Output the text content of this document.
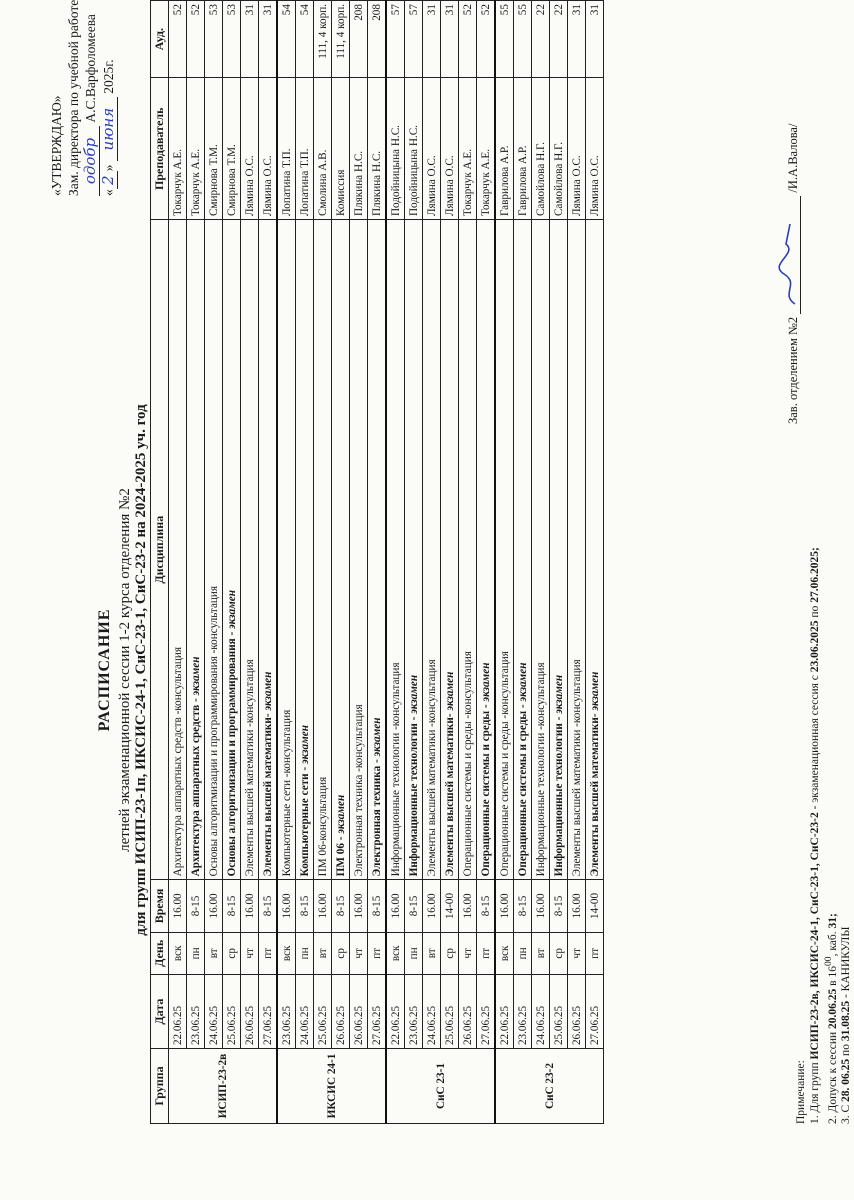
«УТВЕРЖДАЮ» Зам. директора по учебной работе одобр А.С.Варфоломеева
«2» июня 2025г.
РАСПИСАНИЕ летней экзаменационной сессии 1-2 курса отделения №2 для групп ИСИП-23-1п, ИКСИС-24-1, СиС-23-1, СиС-23-2 на 2024-2025 уч. год
Группа	Дата	День	Время	Дисциплина	Преподаватель	Ауд.
ИСИП-23-2в	22.06.25	вск	16.00	Архитектура аппаратных средств -консультация	Токарчук А.Е.	52
	23.06.25	пн	8-15	Архитектура аппаратных средств - экзамен	Токарчук А.Е.	52
	24.06.25	вт	16.00	Основы алгоритмизации и программирования -консультация	Смирнова Т.М.	53
	25.06.25	ср	8-15	Основы алгоритмизации и программирования - экзамен	Смирнова Т.М.	53
	26.06.25	чт	16.00	Элементы высшей математики -консультация	Лямина О.С.	31
	27.06.25	пт	8-15	Элементы высшей математики- экзамен	Лямина О.С.	31
ИКСИС 24-1	23.06.25	вск	16.00	Компьютерные сети -консультация	Лопатина Т.П.	54
	24.06.25	пн	8-15	Компьютерные сети - экзамен	Лопатина Т.П.	54
	25.06.25	вт	16.00	ПМ 06-консультация	Смолина А.В.	111, 4 корп.
	26.06.25	ср	8-15	ПМ 06 - экзамен	Комиссия	111, 4 корп.
	26.06.25	чт	16.00	Электронная техника -консультация	Плякина Н.С.	208
	27.06.25	пт	8-15	Электронная техника - экзамен	Плякина Н.С.	208
СиС 23-1	22.06.25	вск	16.00	Информационные технологии -консультация	Подойницына Н.С.	57
	23.06.25	пн	8-15	Информационные технологии - экзамен	Подойницына Н.С.	57
	24.06.25	вт	16.00	Элементы высшей математики -консультация	Лямина О.С.	31
	25.06.25	ср	14-00	Элементы высшей математики- экзамен	Лямина О.С.	31
	26.06.25	чт	16.00	Операционные системы и среды -консультация	Токарчук А.Е.	52
	27.06.25	пт	8-15	Операционные системы и среды - экзамен	Токарчук А.Е.	52
СиС 23-2	22.06.25	вск	16.00	Операционные системы и среды -консультация	Гаврилова А.Р.	55
	23.06.25	пн	8-15	Операционные системы и среды - экзамен	Гаврилова А.Р.	55
	24.06.25	вт	16.00	Информационные технологии -консультация	Самойлова Н.Г.	22
	25.06.25	ср	8-15	Информационные технологии - экзамен	Самойлова Н.Г.	22
	26.06.25	чт	16.00	Элементы высшей математики -консультация	Лямина О.С.	31
	27.06.25	пт	14-00	Элементы высшей математики- экзамен	Лямина О.С.	31
Примечание: 1. Для групп ИСИП-23-2в, ИКСИС-24-1, СиС-23-1, СиС-23-2 - экзаменационная сессия с 23.06.2025 по 27.06.2025;
2. Допуск к сессии 20.06.25 в $16^{00}$, каб. 31;
3. С 28. 06.25 по 31.08.25 - КАНИКУЛЫ
Зав. отделением №2
/И.А.Валова/
